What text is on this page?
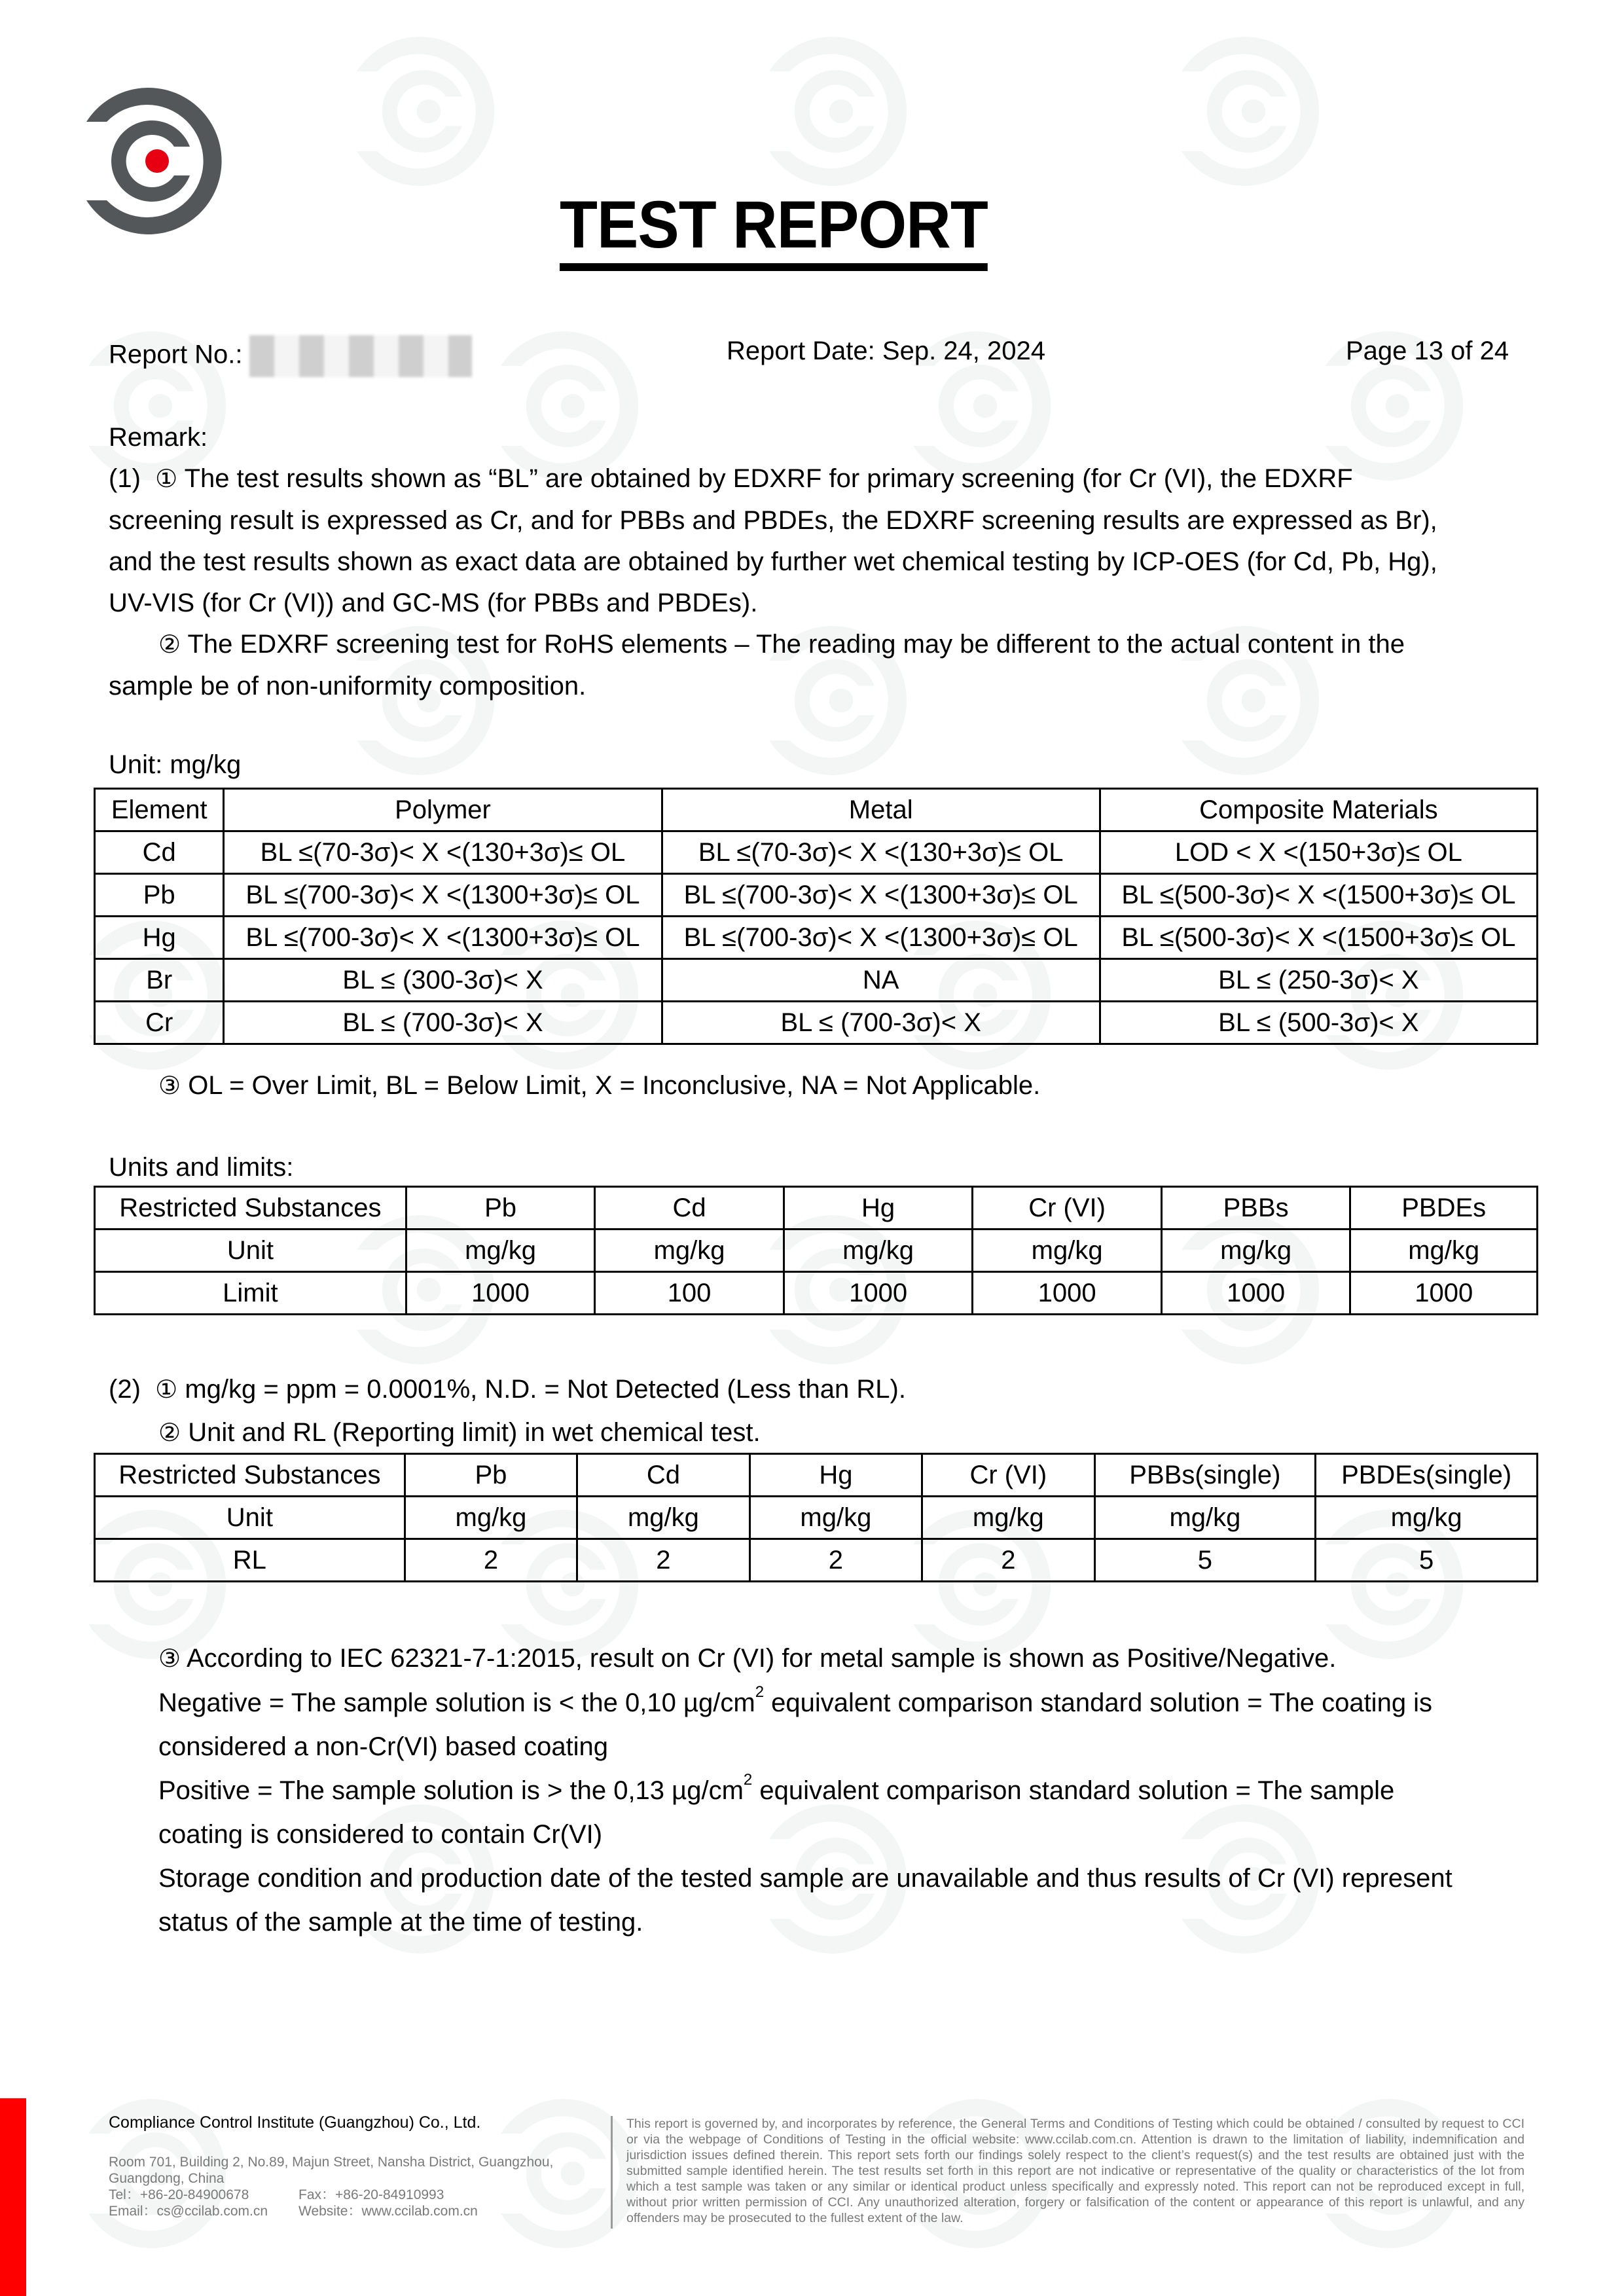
TEST REPORT
Report No.:	Report Date: Sep. 24, 2024	Page 13 of 24
Remark:
(1) ① The test results shown as “BL” are obtained by EDXRF for primary screening (for Cr (VI), the EDXRF
screening result is expressed as Cr, and for PBBs and PBDEs, the EDXRF screening results are expressed as Br),
and the test results shown as exact data are obtained by further wet chemical testing by ICP-OES (for Cd, Pb, Hg),
UV-VIS (for Cr (VI)) and GC-MS (for PBBs and PBDEs).
② The EDXRF screening test for RoHS elements – The reading may be different to the actual content in the
sample be of non-uniformity composition.
Unit: mg/kg
Element	Polymer	Metal	Composite Materials
Cd	BL ≤(70-3σ)< X <(130+3σ)≤ OL	BL ≤(70-3σ)< X <(130+3σ)≤ OL	LOD < X <(150+3σ)≤ OL
Pb	BL ≤(700-3σ)< X <(1300+3σ)≤ OL	BL ≤(700-3σ)< X <(1300+3σ)≤ OL	BL ≤(500-3σ)< X <(1500+3σ)≤ OL
Hg	BL ≤(700-3σ)< X <(1300+3σ)≤ OL	BL ≤(700-3σ)< X <(1300+3σ)≤ OL	BL ≤(500-3σ)< X <(1500+3σ)≤ OL
Br	BL ≤ (300-3σ)< X	NA	BL ≤ (250-3σ)< X
Cr	BL ≤ (700-3σ)< X	BL ≤ (700-3σ)< X	BL ≤ (500-3σ)< X
③ OL = Over Limit, BL = Below Limit, X = Inconclusive, NA = Not Applicable.
Units and limits:
Restricted Substances	Pb	Cd	Hg	Cr (VI)	PBBs	PBDEs
Unit	mg/kg	mg/kg	mg/kg	mg/kg	mg/kg	mg/kg
Limit	1000	100	1000	1000	1000	1000
(2) ① mg/kg = ppm = 0.0001%, N.D. = Not Detected (Less than RL).
② Unit and RL (Reporting limit) in wet chemical test.
Restricted Substances	Pb	Cd	Hg	Cr (VI)	PBBs(single)	PBDEs(single)
Unit	mg/kg	mg/kg	mg/kg	mg/kg	mg/kg	mg/kg
RL	2	2	2	2	5	5
③ According to IEC 62321-7-1:2015, result on Cr (VI) for metal sample is shown as Positive/Negative.
Negative = The sample solution is < the 0,10 $\mu g/cm^2$ equivalent comparison standard solution = The coating is
considered a non-Cr(VI) based coating
Positive = The sample solution is > the 0,13 $\mu g/cm^2$ equivalent comparison standard solution = The sample
coating is considered to contain Cr(VI)
Storage condition and production date of the tested sample are unavailable and thus results of Cr (VI) represent
status of the sample at the time of testing.
Compliance Control Institute (Guangzhou) Co., Ltd.
Room 701, Building 2, No.89, Majun Street, Nansha District, Guangzhou,
Guangdong, China
Tel：+86-20-84900678	Fax：+86-20-84910993
Email：cs@ccilab.com.cn Website：www.ccilab.com.cn
This report is governed by, and incorporates by reference, the General Terms and Conditions of Testing which could be obtained / consulted by request to CCI or via the webpage of Conditions of Testing in the official website: www.ccilab.com.cn. Attention is drawn to the limitation of liability, indemnification and jurisdiction issues defined therein. This report sets forth our findings solely respect to the client’s request(s) and the test results are obtained just with the submitted sample identified herein. The test results set forth in this report are not indicative or representative of the quality or characteristics of the lot from which a test sample was taken or any similar or identical product unless specifically and expressly noted. This report can not be reproduced except in full, without prior written permission of CCI. Any unauthorized alteration, forgery or falsification of the content or appearance of this report is unlawful, and any offenders may be prosecuted to the fullest extent of the law.
